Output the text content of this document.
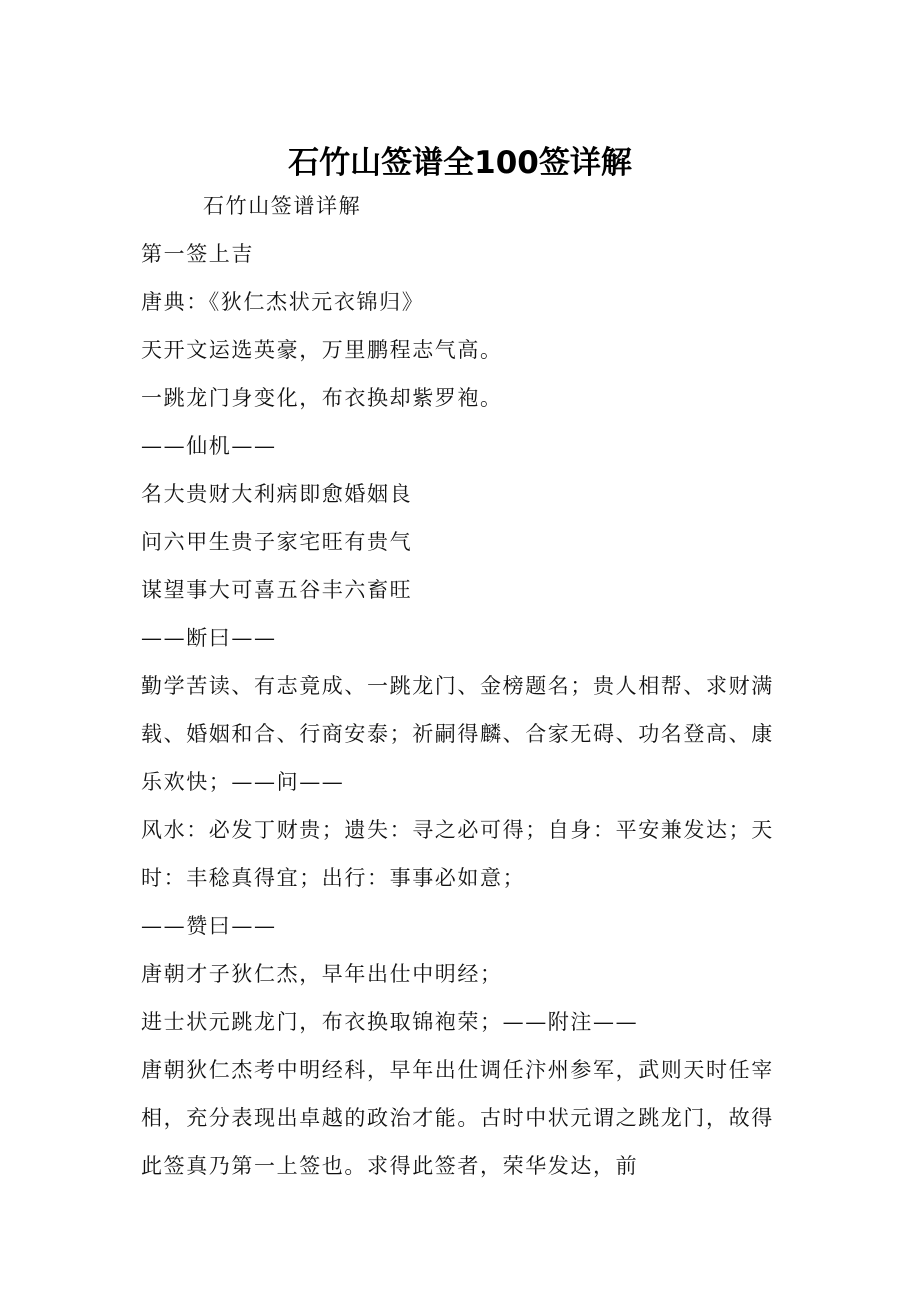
石竹山签谱全100签详解

石竹山签谱详解

第一签上吉

唐典：《狄仁杰状元衣锦归》

天开文运选英豪，万里鹏程志气高。

一跳龙门身变化，布衣换却紫罗袍。

——仙机——

名大贵财大利病即愈婚姻良

问六甲生贵子家宅旺有贵气

谋望事大可喜五谷丰六畜旺

——断曰——

勤学苦读、有志竟成、一跳龙门、金榜题名；贵人相帮、求财满载、婚姻和合、行商安泰；祈嗣得麟、合家无碍、功名登高、康乐欢快；——问——

风水：必发丁财贵；遗失：寻之必可得；自身：平安兼发达；天时：丰稔真得宜；出行：事事必如意；

——赞曰——

唐朝才子狄仁杰，早年出仕中明经；

进士状元跳龙门，布衣换取锦袍荣；——附注——

唐朝狄仁杰考中明经科，早年出仕调任汴州参军，武则天时任宰相，充分表现出卓越的政治才能。古时中状元谓之跳龙门，故得此签真乃第一上签也。求得此签者，荣华发达，前
